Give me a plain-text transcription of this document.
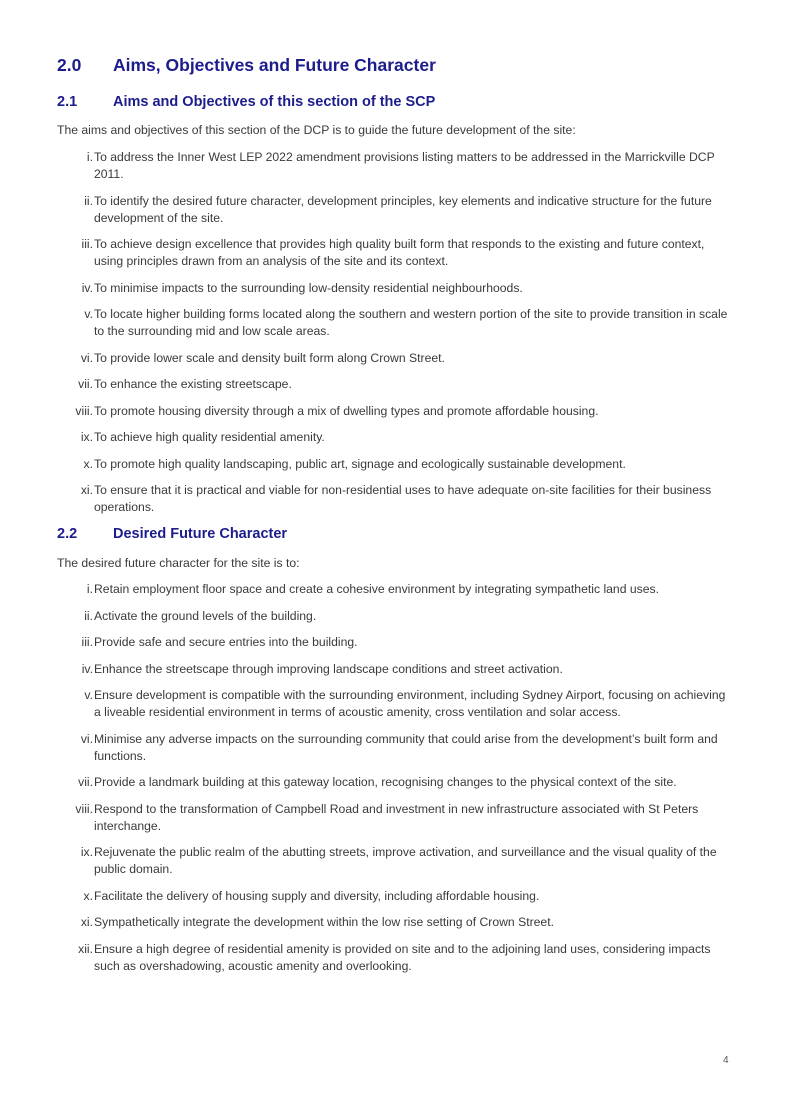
2.0 Aims, Objectives and Future Character
2.1 Aims and Objectives of this section of the SCP

The aims and objectives of this section of the DCP is to guide the future development of the site:

i. To address the Inner West LEP 2022 amendment provisions listing matters to be addressed in the Marrickville DCP 2011.
ii. To identify the desired future character, development principles, key elements and indicative structure for the future development of the site.
iii. To achieve design excellence that provides high quality built form that responds to the existing and future context, using principles drawn from an analysis of the site and its context.
iv. To minimise impacts to the surrounding low-density residential neighbourhoods.
v. To locate higher building forms located along the southern and western portion of the site to provide transition in scale to the surrounding mid and low scale areas.
vi. To provide lower scale and density built form along Crown Street.
vii. To enhance the existing streetscape.
viii. To promote housing diversity through a mix of dwelling types and promote affordable housing.
ix. To achieve high quality residential amenity.
x. To promote high quality landscaping, public art, signage and ecologically sustainable development.
xi. To ensure that it is practical and viable for non-residential uses to have adequate on-site facilities for their business operations.
2.2 Desired Future Character

The desired future character for the site is to:

i. Retain employment floor space and create a cohesive environment by integrating sympathetic land uses.
ii. Activate the ground levels of the building.
iii. Provide safe and secure entries into the building.
iv. Enhance the streetscape through improving landscape conditions and street activation.
v. Ensure development is compatible with the surrounding environment, including Sydney Airport, focusing on achieving a liveable residential environment in terms of acoustic amenity, cross ventilation and solar access.
vi. Minimise any adverse impacts on the surrounding community that could arise from the development’s built form and functions.
vii. Provide a landmark building at this gateway location, recognising changes to the physical context of the site.
viii. Respond to the transformation of Campbell Road and investment in new infrastructure associated with St Peters interchange.
ix. Rejuvenate the public realm of the abutting streets, improve activation, and surveillance and the visual quality of the public domain.
x. Facilitate the delivery of housing supply and diversity, including affordable housing.
xi. Sympathetically integrate the development within the low rise setting of Crown Street.
xii. Ensure a high degree of residential amenity is provided on site and to the adjoining land uses, considering impacts such as overshadowing, acoustic amenity and overlooking.
4
